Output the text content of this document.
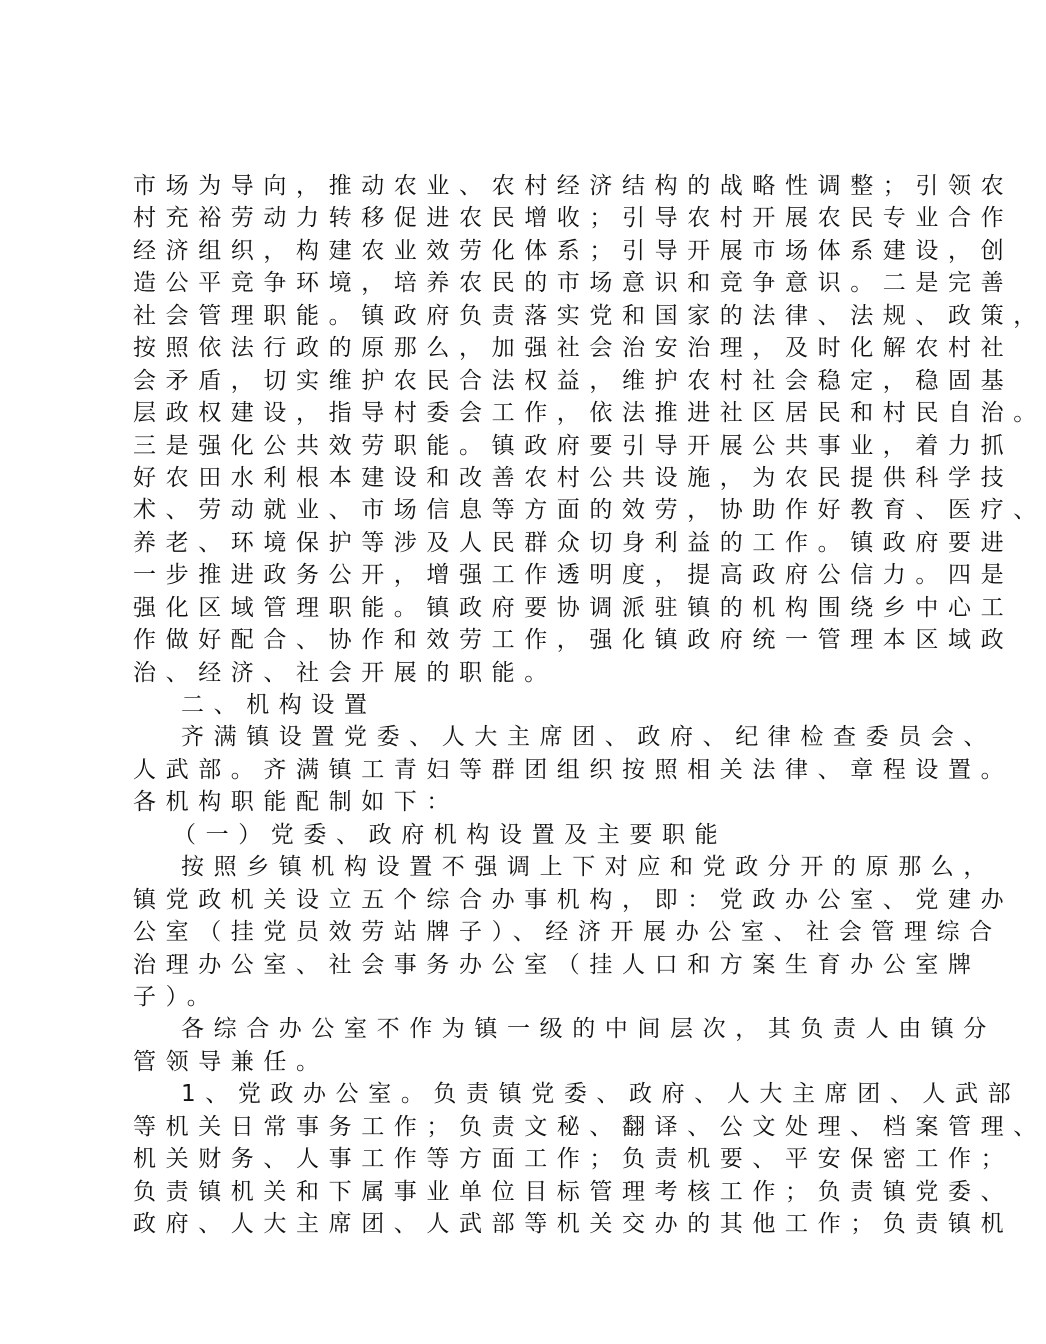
市场为导向，推动农业、农村经济结构的战略性调整；引领农
村充裕劳动力转移促进农民增收；引导农村开展农民专业合作
经济组织，构建农业效劳化体系；引导开展市场体系建设，创
造公平竞争环境，培养农民的市场意识和竞争意识。二是完善
社会管理职能。镇政府负责落实党和国家的法律、法规、政策，
按照依法行政的原那么，加强社会治安治理，及时化解农村社
会矛盾，切实维护农民合法权益，维护农村社会稳定，稳固基
层政权建设，指导村委会工作，依法推进社区居民和村民自治。
三是强化公共效劳职能。镇政府要引导开展公共事业，着力抓
好农田水利根本建设和改善农村公共设施，为农民提供科学技
术、劳动就业、市场信息等方面的效劳，协助作好教育、医疗、
养老、环境保护等涉及人民群众切身利益的工作。镇政府要进
一步推进政务公开，增强工作透明度，提高政府公信力。四是
强化区域管理职能。镇政府要协调派驻镇的机构围绕乡中心工
作做好配合、协作和效劳工作，强化镇政府统一管理本区域政
治、经济、社会开展的职能。
二、机构设置
齐满镇设置党委、人大主席团、政府、纪律检查委员会、
人武部。齐满镇工青妇等群团组织按照相关法律、章程设置。
各机构职能配制如下：
（一）党委、政府机构设置及主要职能
按照乡镇机构设置不强调上下对应和党政分开的原那么，
镇党政机关设立五个综合办事机构，即：党政办公室、党建办
公室（挂党员效劳站牌子）、经济开展办公室、社会管理综合
治理办公室、社会事务办公室（挂人口和方案生育办公室牌
子）。
各综合办公室不作为镇一级的中间层次，其负责人由镇分
管领导兼任。
1、党政办公室。负责镇党委、政府、人大主席团、人武部
等机关日常事务工作；负责文秘、翻译、公文处理、档案管理、
机关财务、人事工作等方面工作；负责机要、平安保密工作；
负责镇机关和下属事业单位目标管理考核工作；负责镇党委、
政府、人大主席团、人武部等机关交办的其他工作；负责镇机
